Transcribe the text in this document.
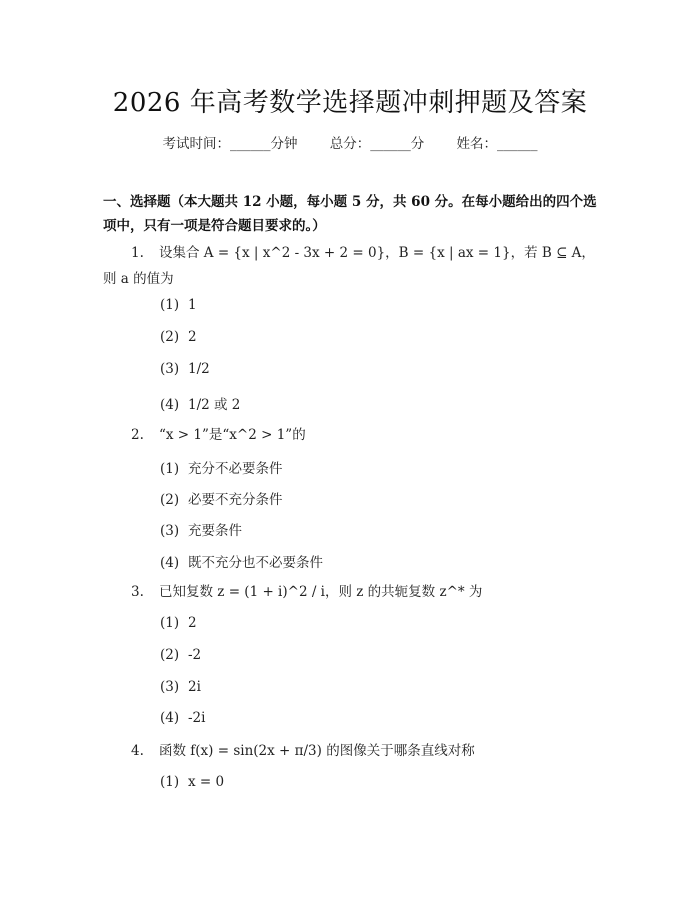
2026 年高考数学选择题冲刺押题及答案
考试时间：______分钟 总分：______分 姓名：______
一、选择题（本大题共 12 小题，每小题 5 分，共 60 分。在每小题给出的四个选
项中，只有一项是符合题目要求的。）
1. 设集合 A = {x | x^2 - 3x + 2 = 0}，B = {x | ax = 1}，若 B ⊆ A，
则 a 的值为
(1) 1
(2) 2
(3) 1/2
(4) 1/2 或 2
2. “x > 1”是“x^2 > 1”的
(1) 充分不必要条件
(2) 必要不充分条件
(3) 充要条件
(4) 既不充分也不必要条件
3. 已知复数 z = (1 + i)^2 / i，则 z 的共轭复数 z^* 为
(1) 2
(2) -2
(3) 2i
(4) -2i
4. 函数 f(x) = sin(2x + π/3) 的图像关于哪条直线对称
(1) x = 0
